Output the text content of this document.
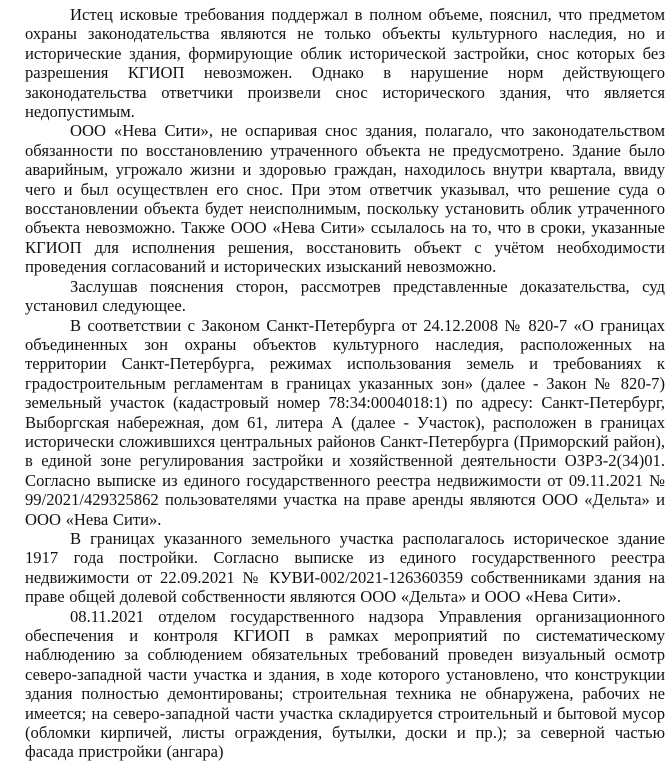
Истец исковые требования поддержал в полном объеме, пояснил, что предметом охраны законодательства являются не только объекты культурного наследия, но и исторические здания, формирующие облик исторической застройки, снос которых без разрешения КГИОП невозможен. Однако в нарушение норм действующего законодательства ответчики произвели снос исторического здания, что является недопустимым.

ООО «Нева Сити», не оспаривая снос здания, полагало, что законодательством обязанности по восстановлению утраченного объекта не предусмотрено. Здание было аварийным, угрожало жизни и здоровью граждан, находилось внутри квартала, ввиду чего и был осуществлен его снос. При этом ответчик указывал, что решение суда о восстановлении объекта будет неисполнимым, поскольку установить облик утраченного объекта невозможно. Также ООО «Нева Сити» ссылалось на то, что в сроки, указанные КГИОП для исполнения решения, восстановить объект с учётом необходимости проведения согласований и исторических изысканий невозможно.

Заслушав пояснения сторон, рассмотрев представленные доказательства, суд установил следующее.

В соответствии с Законом Санкт-Петербурга от 24.12.2008 № 820-7 «О границах объединенных зон охраны объектов культурного наследия, расположенных на территории Санкт-Петербурга, режимах использования земель и требованиях к градостроительным регламентам в границах указанных зон» (далее - Закон № 820-7) земельный участок (кадастровый номер 78:34:0004018:1) по адресу: Санкт-Петербург, Выборгская набережная, дом 61, литера А (далее - Участок), расположен в границах исторически сложившихся центральных районов Санкт-Петербурга (Приморский район), в единой зоне регулирования застройки и хозяйственной деятельности ОЗРЗ-2(34)01. Согласно выписке из единого государственного реестра недвижимости от 09.11.2021 № 99/2021/429325862 пользователями участка на праве аренды являются ООО «Дельта» и ООО «Нева Сити».

В границах указанного земельного участка располагалось историческое здание 1917 года постройки. Согласно выписке из единого государственного реестра недвижимости от 22.09.2021 № КУВИ-002/2021-126360359 собственниками здания на праве общей долевой собственности являются ООО «Дельта» и ООО «Нева Сити».

08.11.2021 отделом государственного надзора Управления организационного обеспечения и контроля КГИОП в рамках мероприятий по систематическому наблюдению за соблюдением обязательных требований проведен визуальный осмотр северо-западной части участка и здания, в ходе которого установлено, что конструкции здания полностью демонтированы; строительная техника не обнаружена, рабочих не имеется; на северо-западной части участка складируется строительный и бытовой мусор (обломки кирпичей, листы ограждения, бутылки, доски и пр.); за северной частью фасада пристройки (ангара)
